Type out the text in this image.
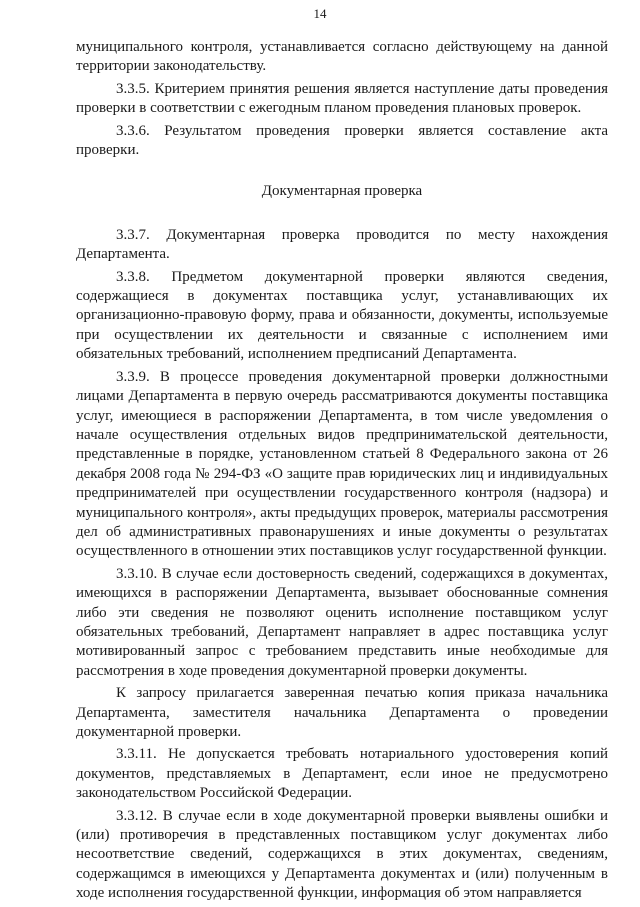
14

муниципального контроля, устанавливается согласно действующему на данной территории законодательству.

3.3.5. Критерием принятия решения является наступление даты проведения проверки в соответствии с ежегодным планом проведения плановых проверок.

3.3.6. Результатом проведения проверки является составление акта проверки.

Документарная проверка

3.3.7. Документарная проверка проводится по месту нахождения Департамента.

3.3.8. Предметом документарной проверки являются сведения, содержащиеся в документах поставщика услуг, устанавливающих их организационно-правовую форму, права и обязанности, документы, используемые при осуществлении их деятельности и связанные с исполнением ими обязательных требований, исполнением предписаний Департамента.

3.3.9. В процессе проведения документарной проверки должностными лицами Департамента в первую очередь рассматриваются документы поставщика услуг, имеющиеся в распоряжении Департамента, в том числе уведомления о начале осуществления отдельных видов предпринимательской деятельности, представленные в порядке, установленном статьей 8 Федерального закона от 26 декабря 2008 года № 294-ФЗ «О защите прав юридических лиц и индивидуальных предпринимателей при осуществлении государственного контроля (надзора) и муниципального контроля», акты предыдущих проверок, материалы рассмотрения дел об административных правонарушениях и иные документы о результатах осуществленного в отношении этих поставщиков услуг государственной функции.

3.3.10. В случае если достоверность сведений, содержащихся в документах, имеющихся в распоряжении Департамента, вызывает обоснованные сомнения либо эти сведения не позволяют оценить исполнение поставщиком услуг обязательных требований, Департамент направляет в адрес поставщика услуг мотивированный запрос с требованием представить иные необходимые для рассмотрения в ходе проведения документарной проверки документы.

К запросу прилагается заверенная печатью копия приказа начальника Департамента, заместителя начальника Департамента о проведении документарной проверки.

3.3.11. Не допускается требовать нотариального удостоверения копий документов, представляемых в Департамент, если иное не предусмотрено законодательством Российской Федерации.

3.3.12. В случае если в ходе документарной проверки выявлены ошибки и (или) противоречия в представленных поставщиком услуг документах либо несоответствие сведений, содержащихся в этих документах, сведениям, содержащимся в имеющихся у Департамента документах и (или) полученным в ходе исполнения государственной функции, информация об этом направляется
